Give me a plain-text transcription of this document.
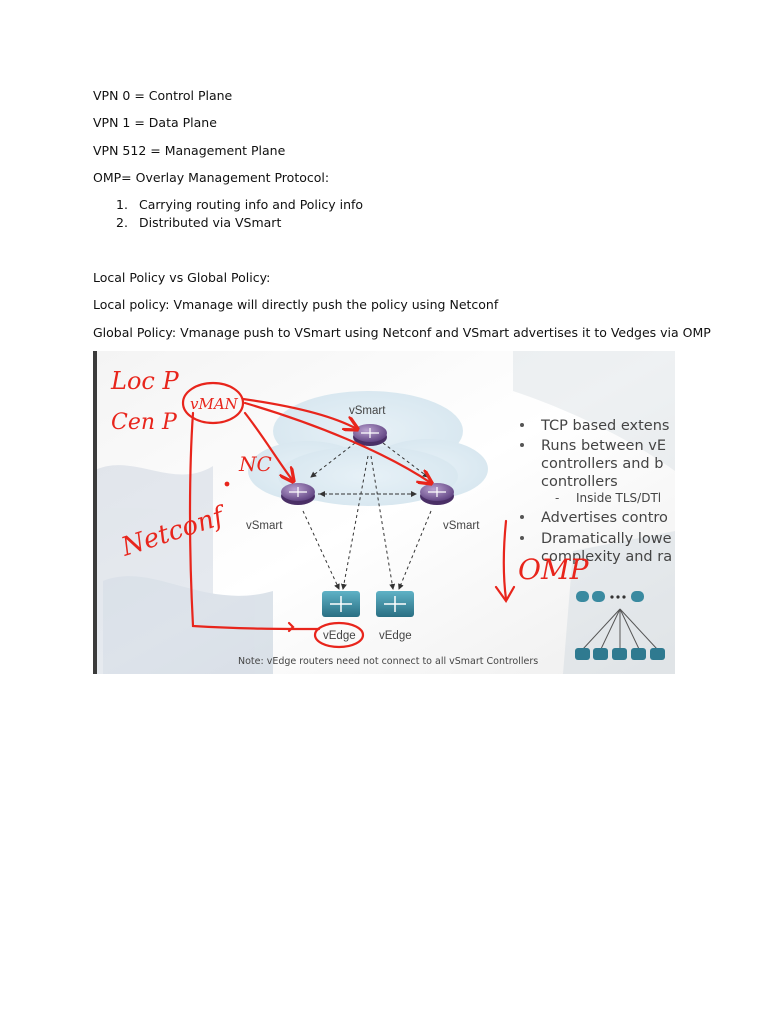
VPN 0 = Control Plane
VPN 1 = Data Plane
VPN 512 = Management Plane
OMP= Overlay Management Protocol:
1. Carrying routing info and Policy info
2. Distributed via VSmart
Local Policy vs Global Policy:
Local policy: Vmanage will directly push the policy using Netconf
Global Policy: Vmanage push to VSmart using Netconf and VSmart advertises it to Vedges via OMP
vSmart
vSmart	vSmart
vEdge vEdge
Note: vEdge routers need not connect to all vSmart Controllers
TCP based extens
Runs between vE
controllers and b
controllers
- Inside TLS/DTl
Advertises contro
Dramatically lowe
complexity and ra
Loc P
Cen P
vMAN
NC
OMP
Netconf
